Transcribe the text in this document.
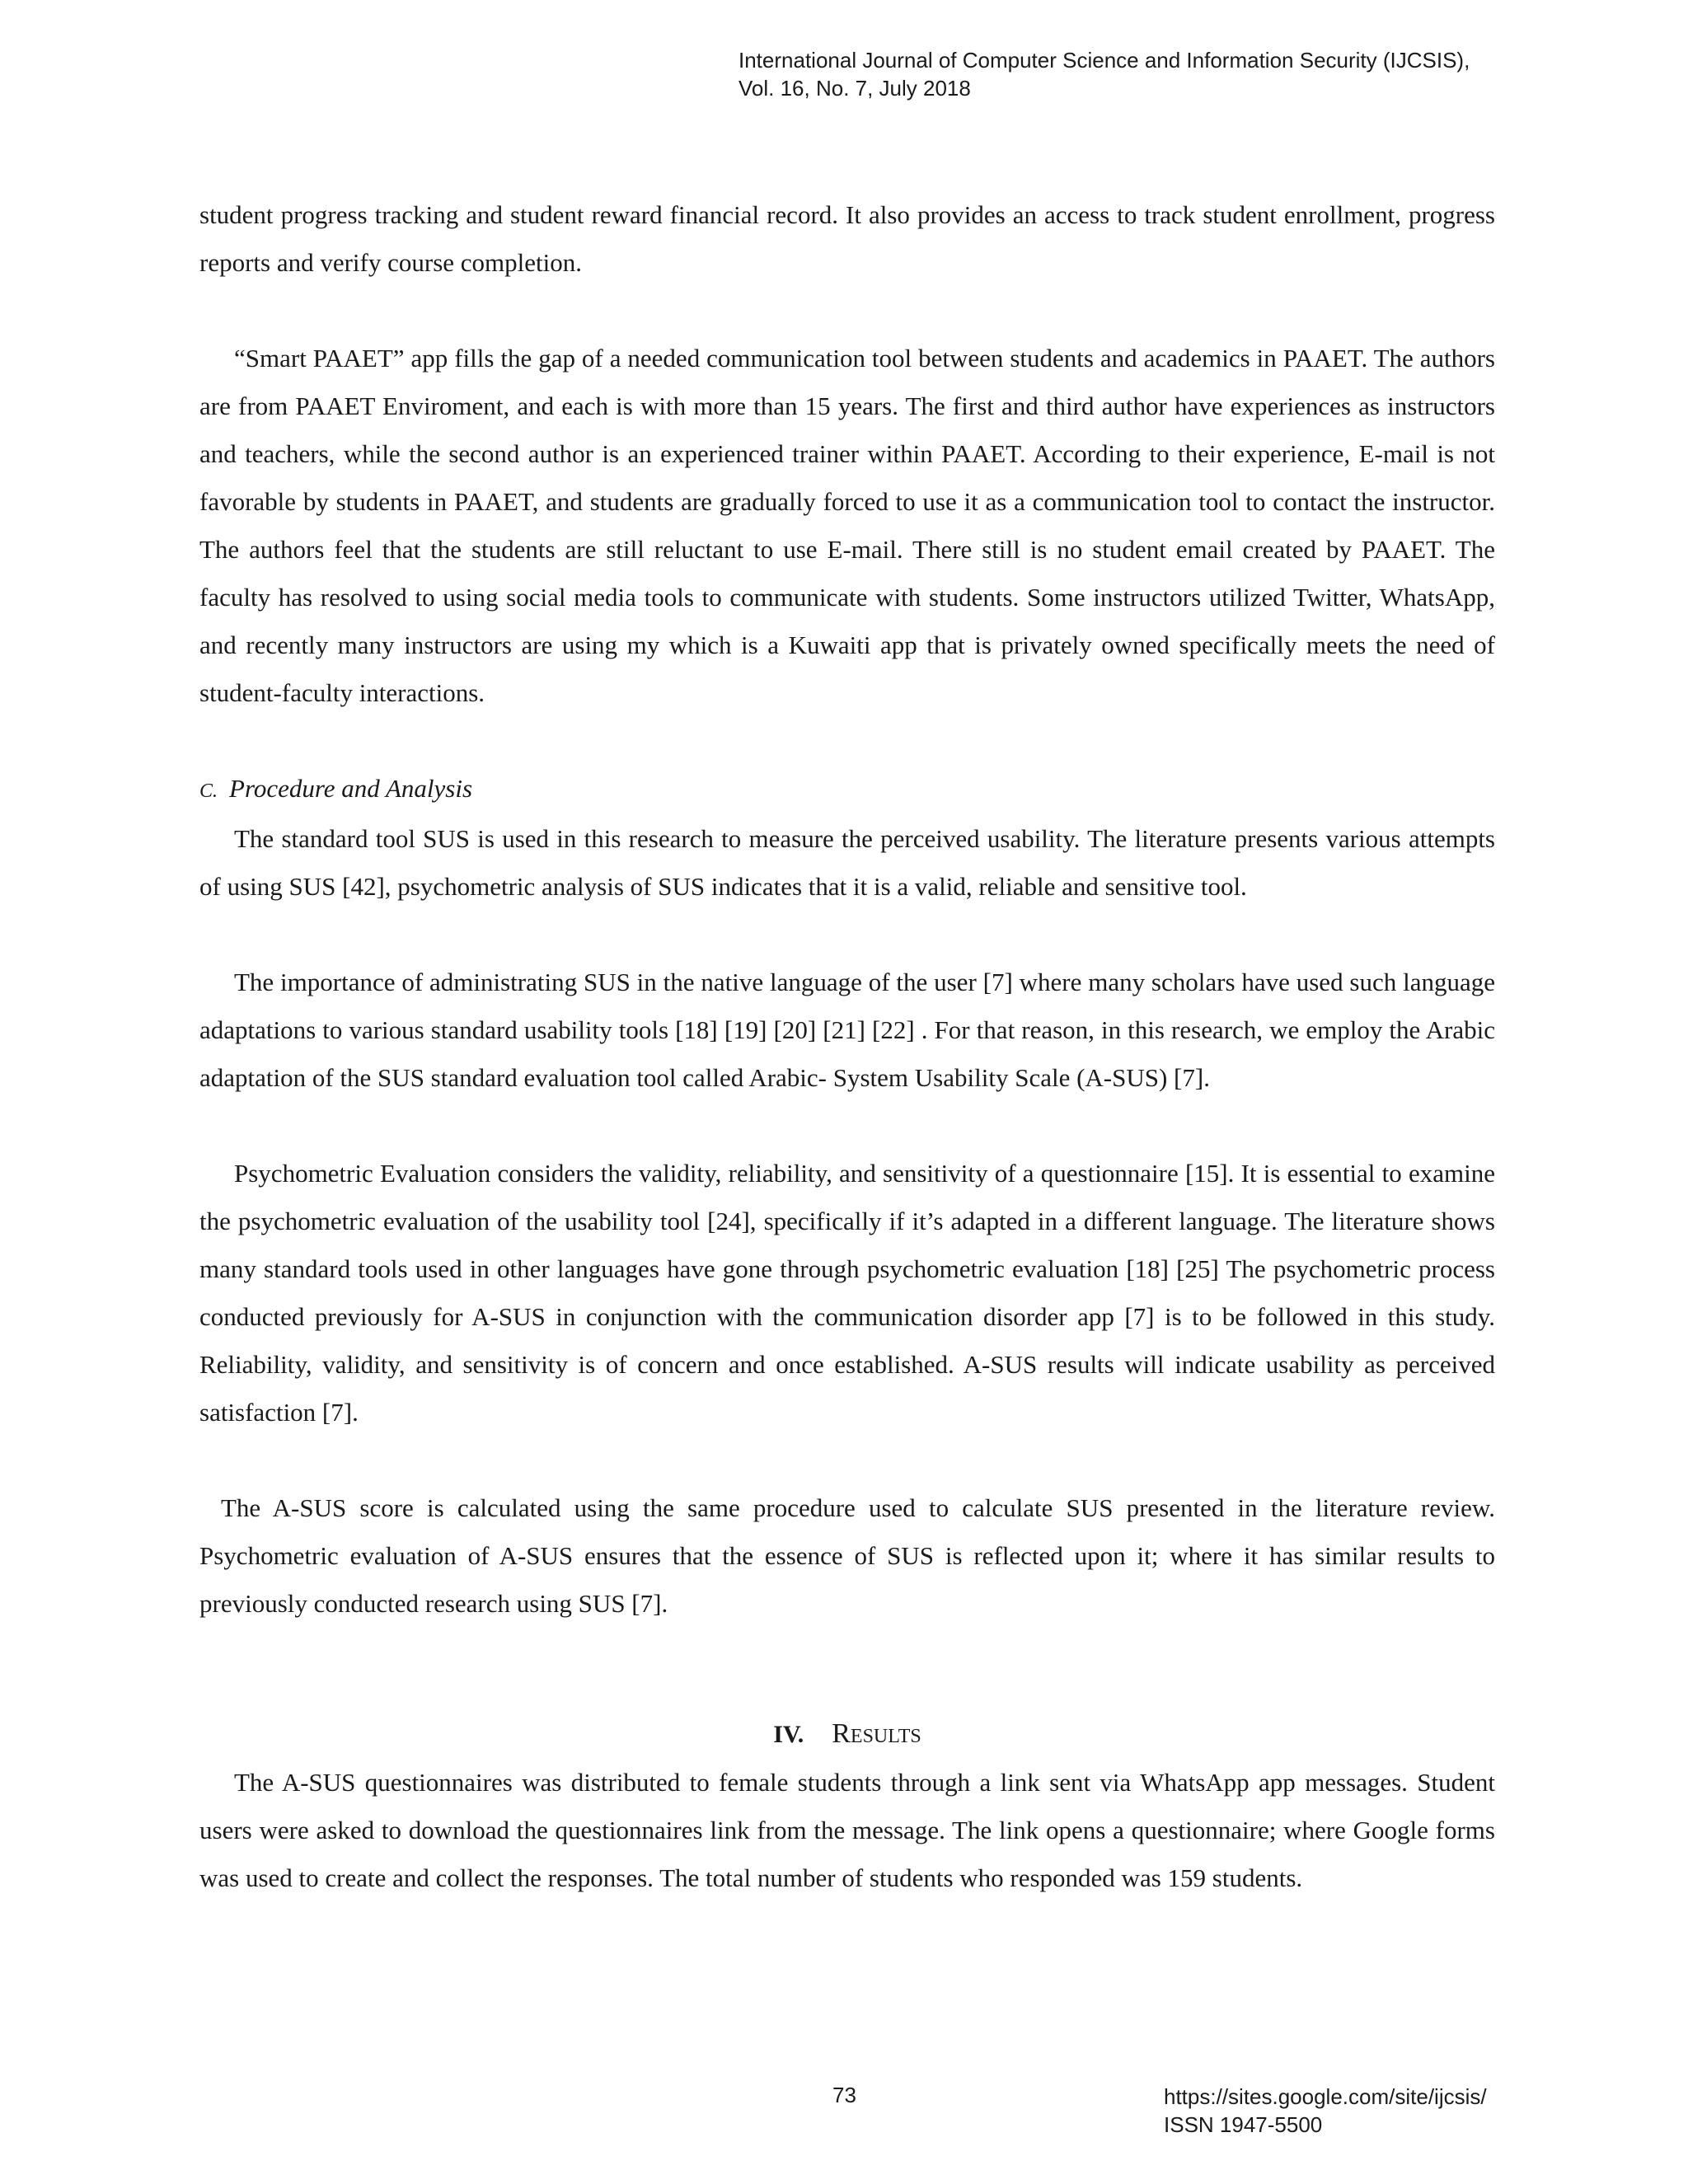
International Journal of Computer Science and Information Security (IJCSIS),
Vol. 16, No. 7, July 2018

student progress tracking and student reward financial record. It also provides an access to track student enrollment, progress reports and verify course completion.

“Smart PAAET” app fills the gap of a needed communication tool between students and academics in PAAET. The authors are from PAAET Enviroment, and each is with more than 15 years. The first and third author have experiences as instructors and teachers, while the second author is an experienced trainer within PAAET. According to their experience, E-mail is not favorable by students in PAAET, and students are gradually forced to use it as a communication tool to contact the instructor. The authors feel that the students are still reluctant to use E-mail. There still is no student email created by PAAET. The faculty has resolved to using social media tools to communicate with students. Some instructors utilized Twitter, WhatsApp, and recently many instructors are using my which is a Kuwaiti app that is privately owned specifically meets the need of student-faculty interactions.

C. Procedure and Analysis

The standard tool SUS is used in this research to measure the perceived usability. The literature presents various attempts of using SUS [42], psychometric analysis of SUS indicates that it is a valid, reliable and sensitive tool.

The importance of administrating SUS in the native language of the user [7] where many scholars have used such language adaptations to various standard usability tools [18] [19] [20] [21] [22] . For that reason, in this research, we employ the Arabic adaptation of the SUS standard evaluation tool called Arabic- System Usability Scale (A-SUS) [7].

Psychometric Evaluation considers the validity, reliability, and sensitivity of a questionnaire [15]. It is essential to examine the psychometric evaluation of the usability tool [24], specifically if it’s adapted in a different language. The literature shows many standard tools used in other languages have gone through psychometric evaluation [18] [25] The psychometric process conducted previously for A-SUS in conjunction with the communication disorder app [7] is to be followed in this study. Reliability, validity, and sensitivity is of concern and once established. A-SUS results will indicate usability as perceived satisfaction [7].

The A-SUS score is calculated using the same procedure used to calculate SUS presented in the literature review. Psychometric evaluation of A-SUS ensures that the essence of SUS is reflected upon it; where it has similar results to previously conducted research using SUS [7].

IV. Results

The A-SUS questionnaires was distributed to female students through a link sent via WhatsApp app messages. Student users were asked to download the questionnaires link from the message. The link opens a questionnaire; where Google forms was used to create and collect the responses. The total number of students who responded was 159 students.

73	https://sites.google.com/site/ijcsis/
ISSN 1947-5500
